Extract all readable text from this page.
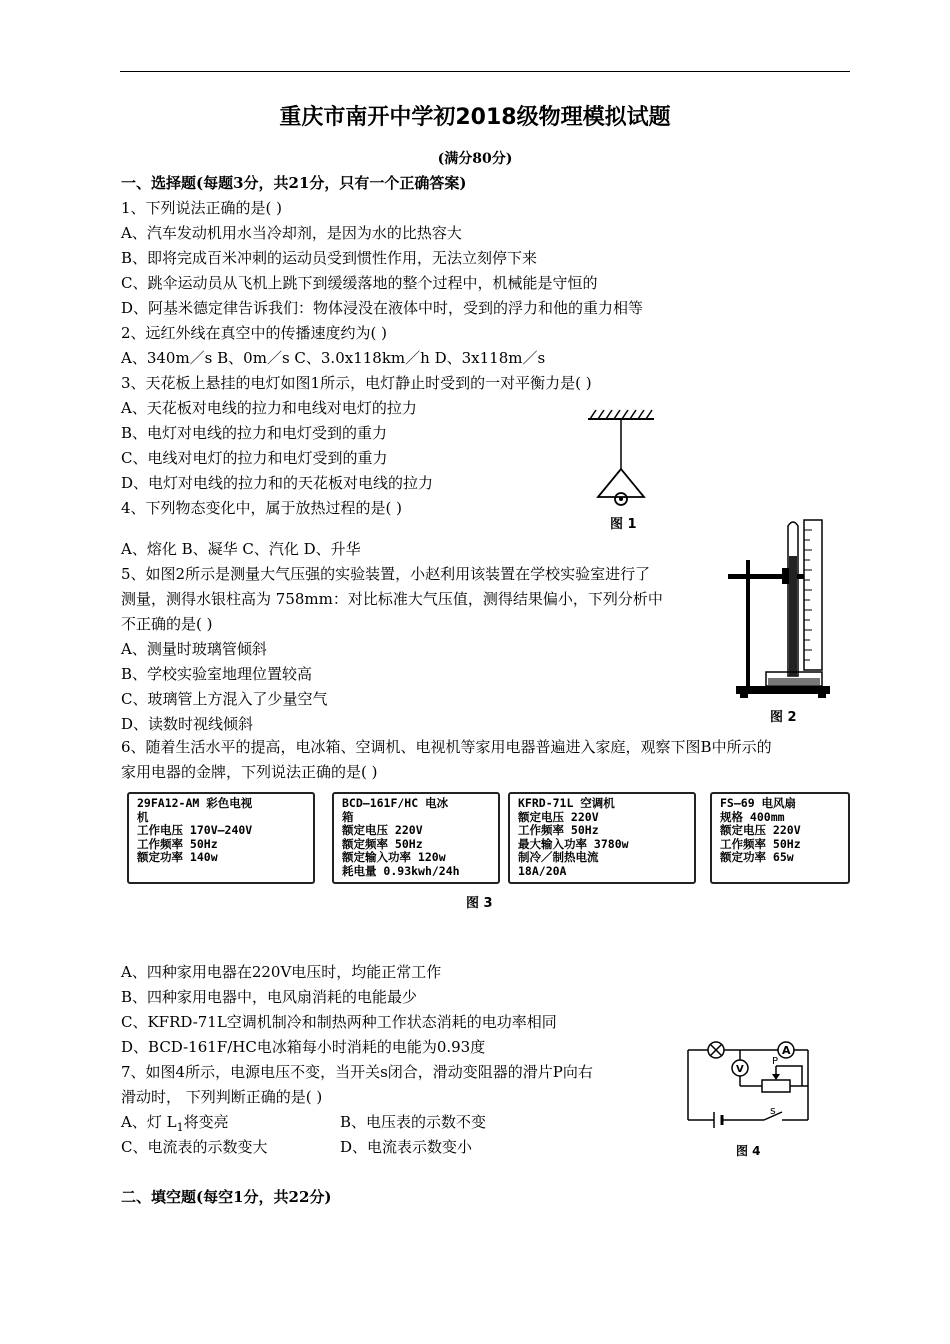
重庆市南开中学初2018级物理模拟试题
(满分80分)
一、选择题(每题3分，共21分，只有一个正确答案)
1、下列说法正确的是( )
A、汽车发动机用水当冷却剂，是因为水的比热容大
B、即将完成百米冲刺的运动员受到惯性作用，无法立刻停下来
C、跳伞运动员从飞机上跳下到缓缓落地的整个过程中，机械能是守恒的
D、阿基米德定律告诉我们：物体浸没在液体中时，受到的浮力和他的重力相等
2、远红外线在真空中的传播速度约为( )
A、340m／s B、0m／s C、3.0x118km／h D、3x118m／s
3、天花板上悬挂的电灯如图1所示，电灯静止时受到的一对平衡力是( )
A、天花板对电线的拉力和电线对电灯的拉力
B、电灯对电线的拉力和电灯受到的重力
C、电线对电灯的拉力和电灯受到的重力
D、电灯对电线的拉力和的天花板对电线的拉力
4、下列物态变化中，属于放热过程的是( )
A、熔化 B、凝华 C、汽化 D、升华
图 1
5、如图2所示是测量大气压强的实验装置，小赵利用该装置在学校实验室进行了
测量，测得水银柱高为 758mm：对比标准大气压值，测得结果偏小，下列分析中
不正确的是( )
A、测量时玻璃管倾斜
B、学校实验室地理位置较高
C、玻璃管上方混入了少量空气
D、读数时视线倾斜	图 2
6、随着生活水平的提高，电冰箱、空调机、电视机等家用电器普遍进入家庭，观察下图B中所示的
家用电器的金牌，下列说法正确的是( )
29FA12-AM 彩色电视
机
工作电压 170V—240V
工作频率 50Hz
额定功率 140w
BCD—161F/HC 电冰
箱
额定电压 220V
额定频率 50Hz
额定输入功率 120w
耗电量 0.93kwh/24h
KFRD-71L 空调机
额定电压 220V
工作频率 50Hz
最大输入功率 3780w
制冷／制热电流
18A/20A
FS—69 电风扇
规格 400mm
额定电压 220V
工作频率 50Hz
额定功率 65w
图 3
A、四种家用电器在220V电压时，均能正常工作
B、四种家用电器中，电风扇消耗的电能最少
C、KFRD-71L空调机制冷和制热两种工作状态消耗的电功率相同
D、BCD-161F/HC电冰箱每小时消耗的电能为0.93度
7、如图4所示，电源电压不变，当开关s闭合，滑动变阻器的滑片P向右
滑动时， 下列判断正确的是( )
A、灯 $L_1$将变亮	B、电压表的示数不变
C、电流表的示数变大	D、电流表示数变小
A
V
P
s
图 4
二、填空题(每空1分，共22分)
